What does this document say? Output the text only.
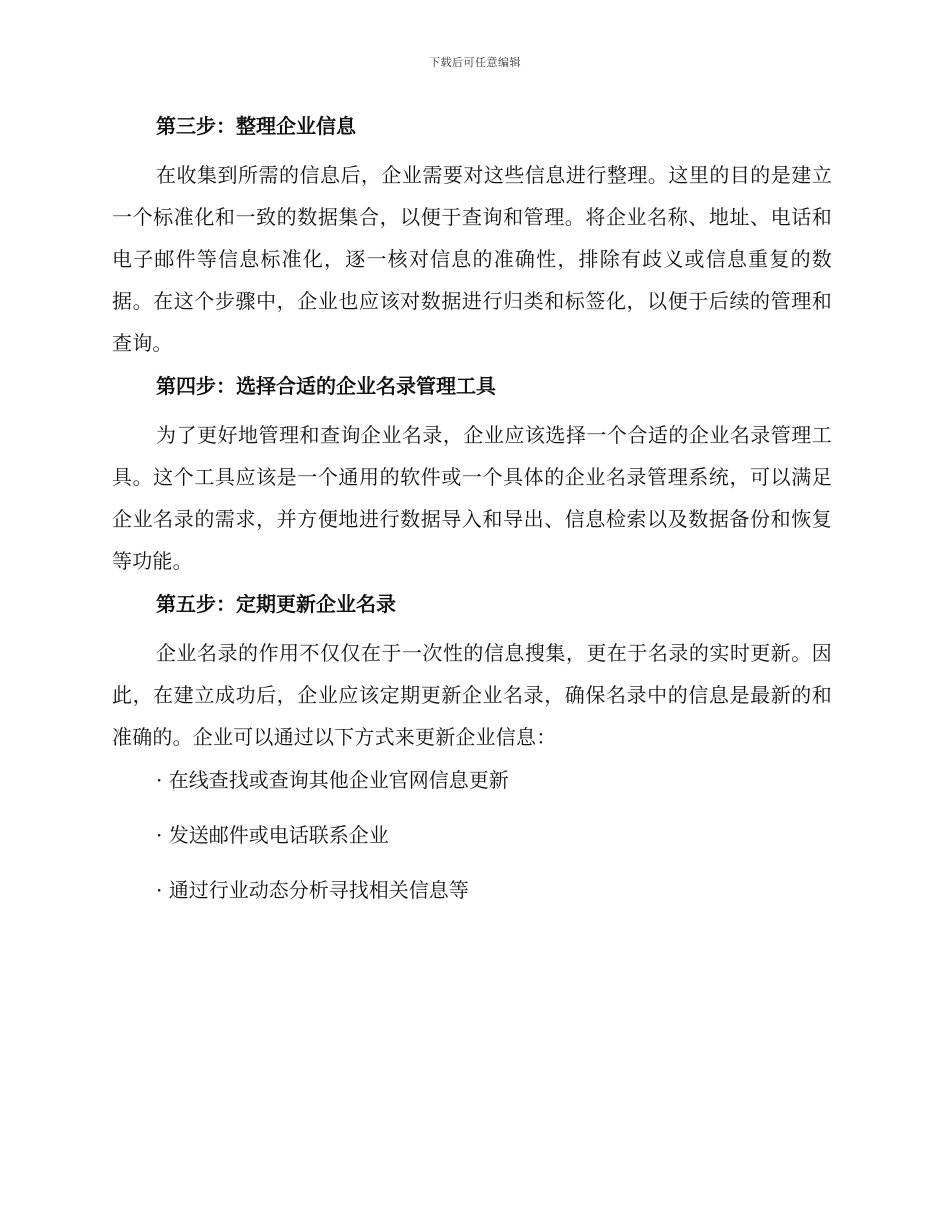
下载后可任意编辑

第三步：整理企业信息

在收集到所需的信息后，企业需要对这些信息进行整理。这里的目的是建立一个标准化和一致的数据集合，以便于查询和管理。将企业名称、地址、电话和电子邮件等信息标准化，逐一核对信息的准确性，排除有歧义或信息重复的数据。在这个步骤中，企业也应该对数据进行归类和标签化，以便于后续的管理和查询。

第四步：选择合适的企业名录管理工具

为了更好地管理和查询企业名录，企业应该选择一个合适的企业名录管理工具。这个工具应该是一个通用的软件或一个具体的企业名录管理系统，可以满足企业名录的需求，并方便地进行数据导入和导出、信息检索以及数据备份和恢复等功能。

第五步：定期更新企业名录

企业名录的作用不仅仅在于一次性的信息搜集，更在于名录的实时更新。因此，在建立成功后，企业应该定期更新企业名录，确保名录中的信息是最新的和准确的。企业可以通过以下方式来更新企业信息：

· 在线查找或查询其他企业官网信息更新

· 发送邮件或电话联系企业

· 通过行业动态分析寻找相关信息等
